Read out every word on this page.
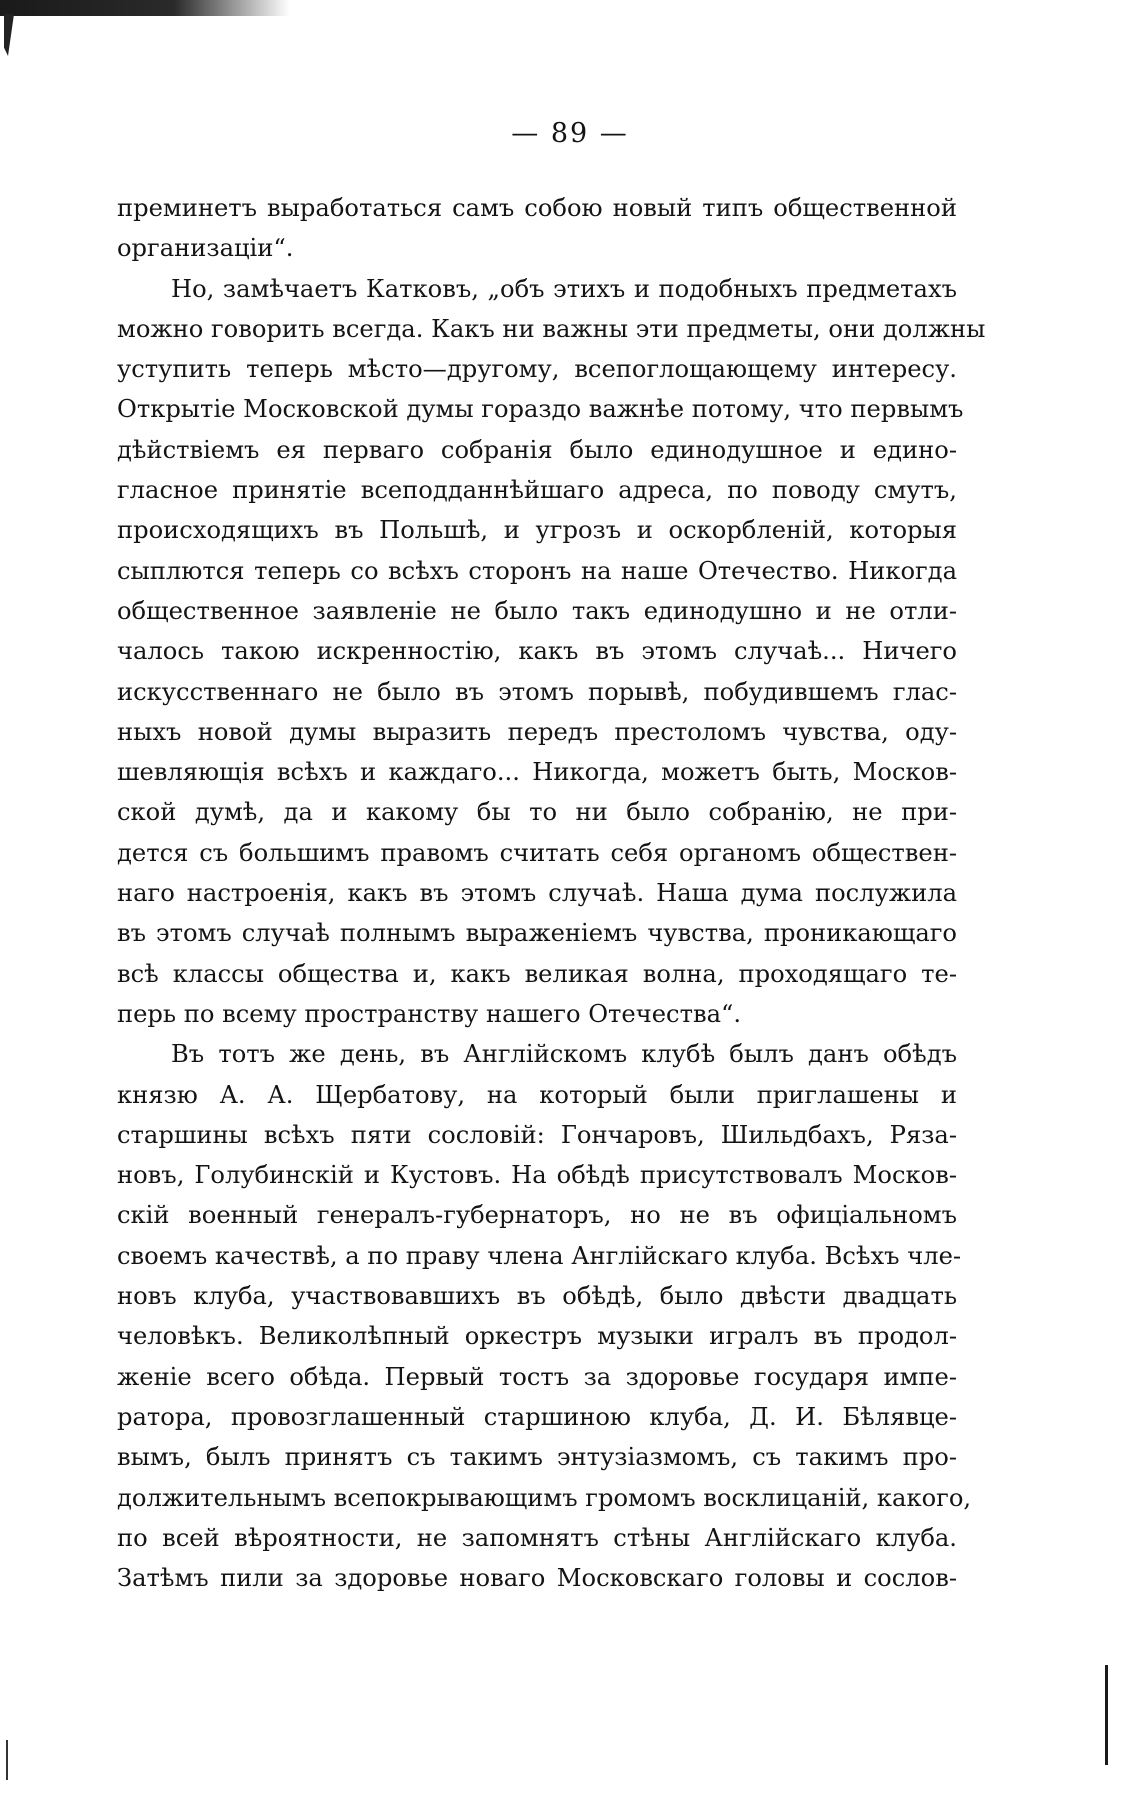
— 89 —
преминетъ выработаться самъ собою новый типъ общественной
организаціи“.
Но, замѣчаетъ Катковъ, „объ этихъ и подобныхъ предметахъ
можно говорить всегда. Какъ ни важны эти предметы, они должны
уступить теперь мѣсто—другому, всепоглощающему интересу.
Открытіе Московской думы гораздо важнѣе потому, что первымъ
дѣйствіемъ ея перваго собранія было единодушное и едино-
гласное принятіе всеподданнѣйшаго адреса, по поводу смутъ,
происходящихъ въ Польшѣ, и угрозъ и оскорбленій, которыя
сыплются теперь со всѣхъ сторонъ на наше Отечество. Никогда
общественное заявленіе не было такъ единодушно и не отли-
чалось такою искренностію, какъ въ этомъ случаѣ... Ничего
искусственнаго не было въ этомъ порывѣ, побудившемъ глас-
ныхъ новой думы выразить передъ престоломъ чувства, оду-
шевляющія всѣхъ и каждаго... Никогда, можетъ быть, Москов-
ской думѣ, да и какому бы то ни было собранію, не при-
дется съ большимъ правомъ считать себя органомъ обществен-
наго настроенія, какъ въ этомъ случаѣ. Наша дума послужила
въ этомъ случаѣ полнымъ выраженіемъ чувства, проникающаго
всѣ классы общества и, какъ великая волна, проходящаго те-
перь по всему пространству нашего Отечества“.
Въ тотъ же день, въ Англійскомъ клубѣ былъ данъ обѣдъ
князю А. А. Щербатову, на который были приглашены и
старшины всѣхъ пяти сословій: Гончаровъ, Шильдбахъ, Ряза-
новъ, Голубинскій и Кустовъ. На обѣдѣ присутствовалъ Москов-
скій военный генералъ-губернаторъ, но не въ офиціальномъ
своемъ качествѣ, а по праву члена Англійскаго клуба. Всѣхъ чле-
новъ клуба, участвовавшихъ въ обѣдѣ, было двѣсти двадцать
человѣкъ. Великолѣпный оркестръ музыки игралъ въ продол-
женіе всего обѣда. Первый тостъ за здоровье государя импе-
ратора, провозглашенный старшиною клуба, Д. И. Бѣлявце-
вымъ, былъ принятъ съ такимъ энтузіазмомъ, съ такимъ про-
должительнымъ всепокрывающимъ громомъ восклицаній, какого,
по всей вѣроятности, не запомнятъ стѣны Англійскаго клуба.
Затѣмъ пили за здоровье новаго Московскаго головы и сослов-
